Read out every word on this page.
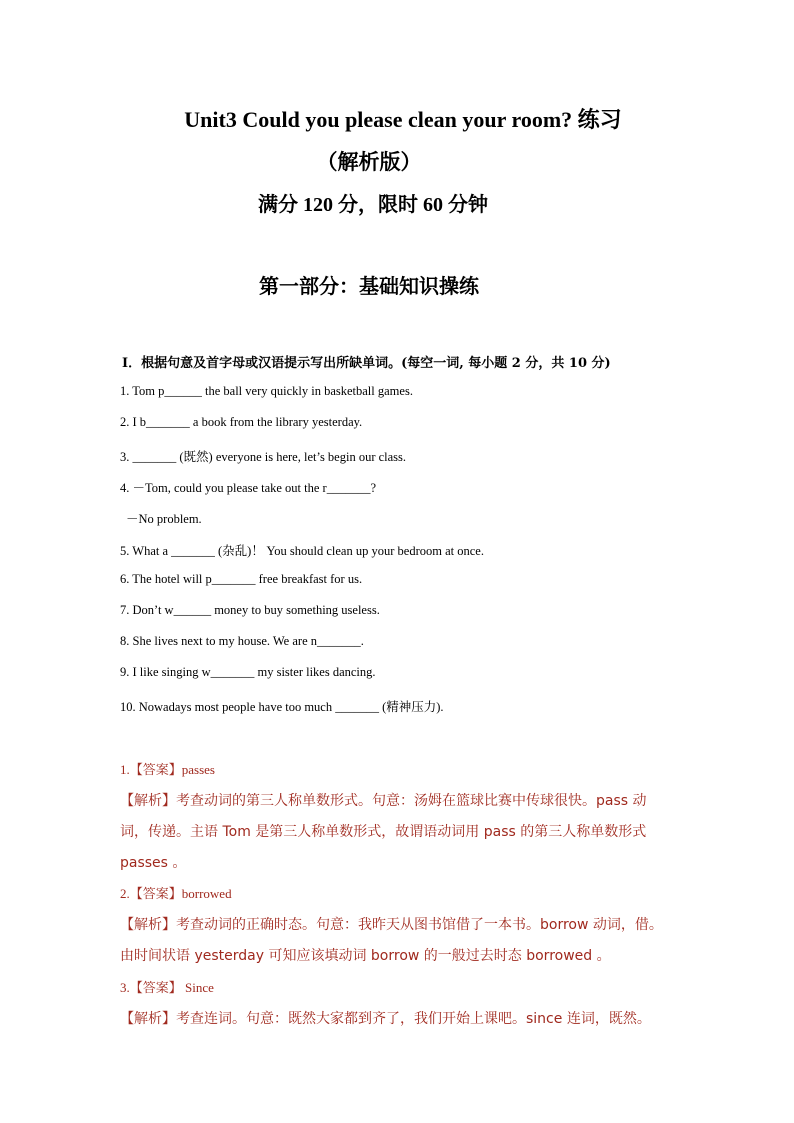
Unit3 Could you please clean your room? 练习
（解析版）
满分 120 分，限时 60 分钟
第一部分：基础知识操练
I．根据句意及首字母或汉语提示写出所缺单词。(每空一词, 每小题 2 分，共 10 分)
1. Tom p______ the ball very quickly in basketball games.
2. I b_______ a book from the library yesterday.
3. _______ (既然) everyone is here, let’s begin our class.
4. －Tom, could you please take out the r_______?
－No problem.
5. What a _______ (杂乱)！ You should clean up your bedroom at once.
6. The hotel will p_______ free breakfast for us.
7. Don’t w______ money to buy something useless.
8. She lives next to my house. We are n_______.
9. I like singing w_______ my sister likes dancing.
10. Nowadays most people have too much _______ (精神压力).
1.【答案】passes
【解析】考查动词的第三人称单数形式。句意：汤姆在篮球比赛中传球很快。pass 动
词，传递。主语 Tom 是第三人称单数形式，故谓语动词用 pass 的第三人称单数形式
passes 。
2.【答案】borrowed
【解析】考查动词的正确时态。句意：我昨天从图书馆借了一本书。borrow 动词，借。
由时间状语 yesterday 可知应该填动词 borrow 的一般过去时态 borrowed 。
3.【答案】 Since
【解析】考查连词。句意：既然大家都到齐了，我们开始上课吧。since 连词，既然。
